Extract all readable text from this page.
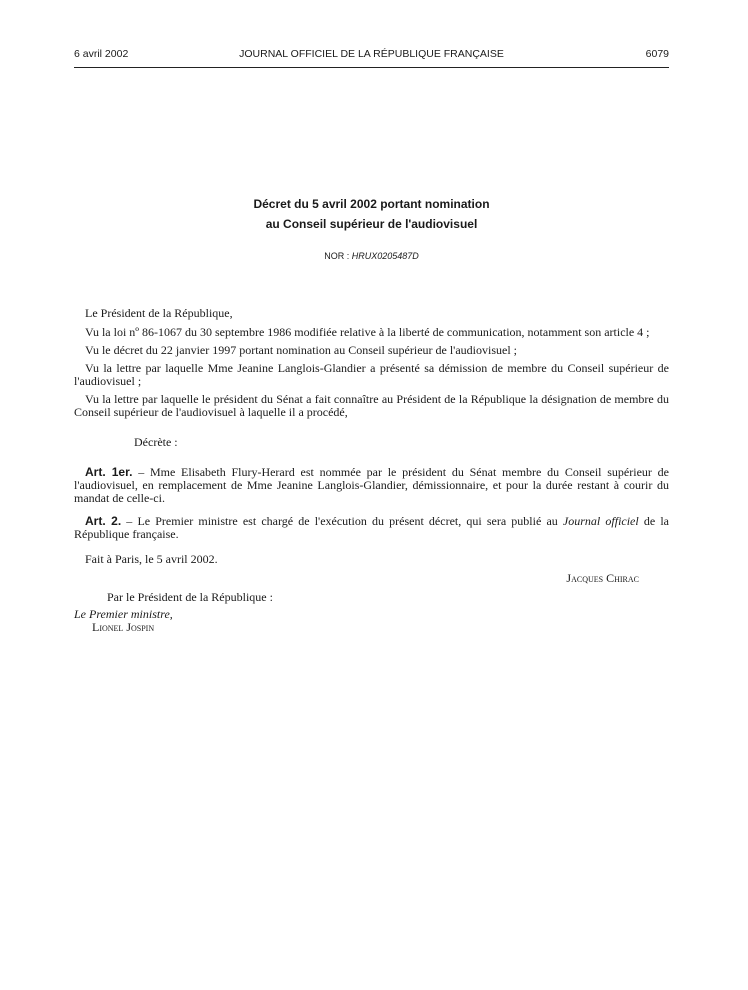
6 avril 2002	JOURNAL OFFICIEL DE LA RÉPUBLIQUE FRANÇAISE	6079
Décret du 5 avril 2002 portant nomination
au Conseil supérieur de l'audiovisuel
NOR : HRUX0205487D

Le Président de la République,

Vu la loi nº 86-1067 du 30 septembre 1986 modifiée relative à la liberté de communication, notamment son article 4 ;

Vu le décret du 22 janvier 1997 portant nomination au Conseil supérieur de l'audiovisuel ;

Vu la lettre par laquelle Mme Jeanine Langlois-Glandier a présenté sa démission de membre du Conseil supérieur de l'audiovisuel ;

Vu la lettre par laquelle le président du Sénat a fait connaître au Président de la République la désignation de membre du Conseil supérieur de l'audiovisuel à laquelle il a procédé,

Décrète :

Art. 1er. – Mme Elisabeth Flury-Herard est nommée par le président du Sénat membre du Conseil supérieur de l'audiovisuel, en remplacement de Mme Jeanine Langlois-Glandier, démissionnaire, et pour la durée restant à courir du mandat de celle-ci.

Art. 2. – Le Premier ministre est chargé de l'exécution du présent décret, qui sera publié au Journal officiel de la République française.

Fait à Paris, le 5 avril 2002.

Jacques Chirac

Par le Président de la République :

Le Premier ministre,

Lionel Jospin
